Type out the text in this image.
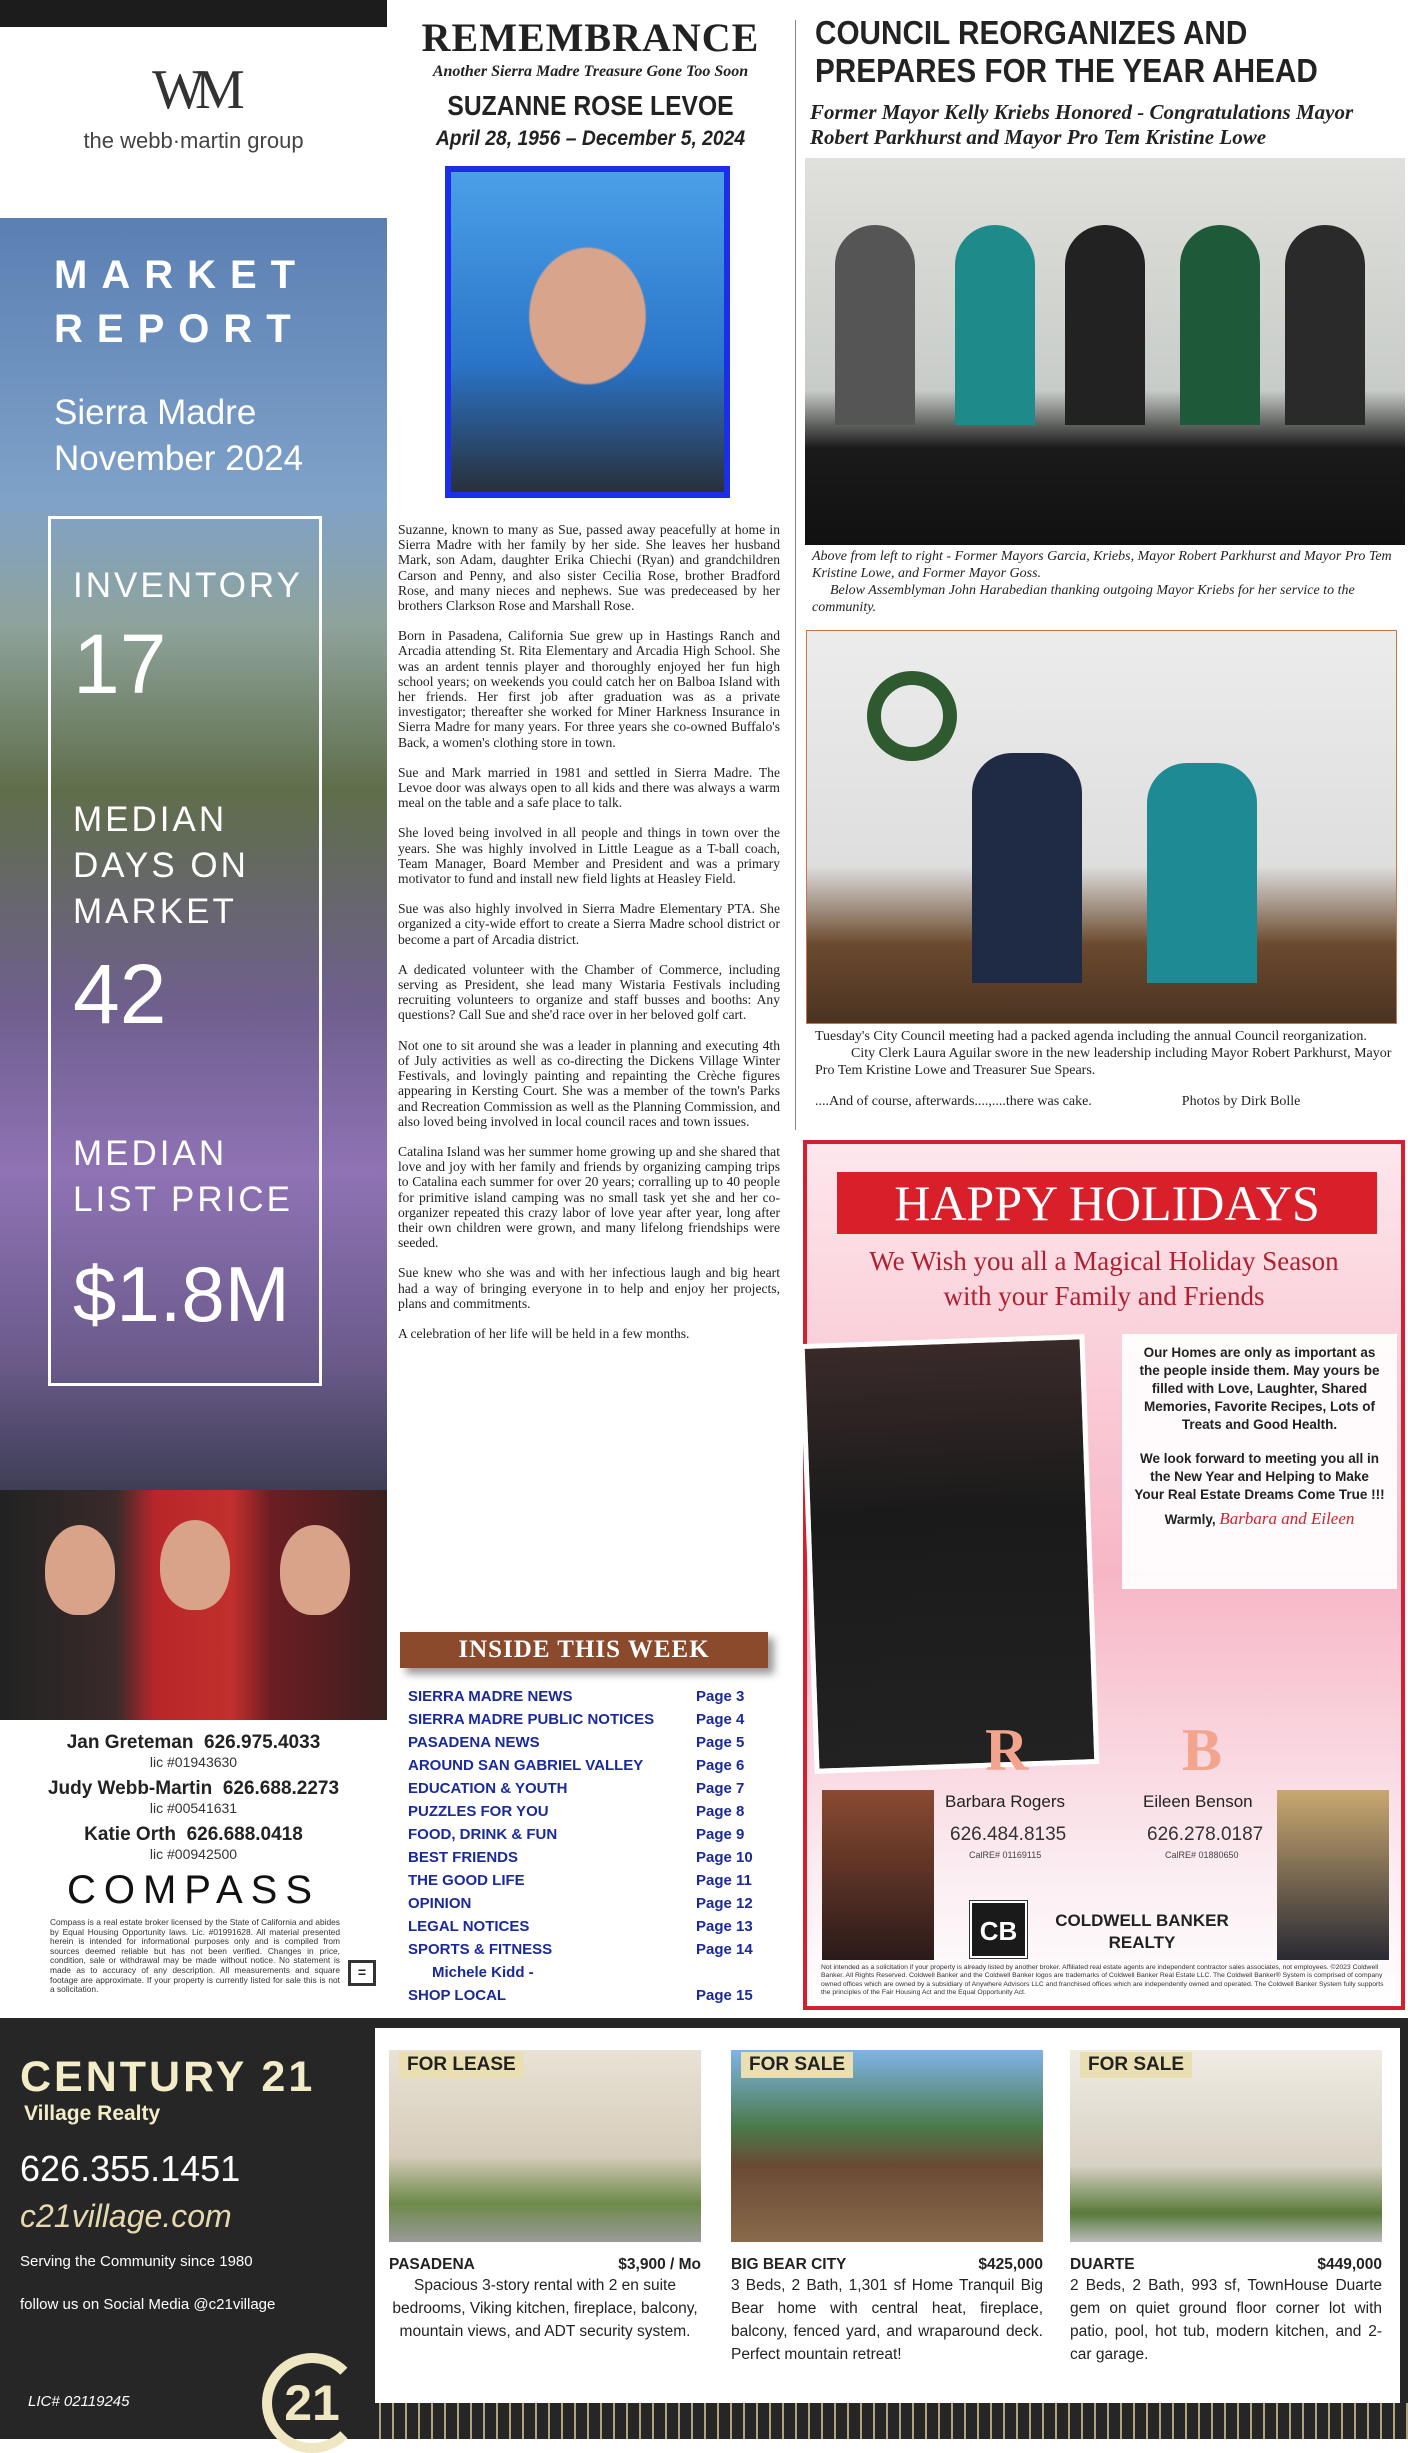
WM
the webb·martin group
MARKET
REPORT
Sierra Madre
November 2024
INVENTORY
17
MEDIAN
DAYS ON
MARKET
42
MEDIAN
LIST PRICE
$1.8M
Jan Greteman 626.975.4033
lic #01943630
Judy Webb-Martin 626.688.2273
lic #00541631
Katie Orth 626.688.0418
lic #00942500
COMPASS
Compass is a real estate broker licensed by the State of California and abides by Equal Housing Opportunity laws. Lic. #01991628. All material presented herein is intended for informational purposes only and is compiled from sources deemed reliable but has not been verified. Changes in price, condition, sale or withdrawal may be made without notice. No statement is made as to accuracy of any description. All measurements and square footage are approximate. If your property is currently listed for sale this is not a solicitation.
=
REMEMBRANCE
Another Sierra Madre Treasure Gone Too Soon
SUZANNE ROSE LEVOE
April 28, 1956 – December 5, 2024

Suzanne, known to many as Sue, passed away peacefully at home in Sierra Madre with her family by her side. She leaves her husband Mark, son Adam, daughter Erika Chiechi (Ryan) and grandchildren Carson and Penny, and also sister Cecilia Rose, brother Bradford Rose, and many nieces and nephews. Sue was predeceased by her brothers Clarkson Rose and Marshall Rose.

Born in Pasadena, California Sue grew up in Hastings Ranch and Arcadia attending St. Rita Elementary and Arcadia High School. She was an ardent tennis player and thoroughly enjoyed her fun high school years; on weekends you could catch her on Balboa Island with her friends. Her first job after graduation was as a private investigator; thereafter she worked for Miner Harkness Insurance in Sierra Madre for many years. For three years she co-owned Buffalo's Back, a women's clothing store in town.

Sue and Mark married in 1981 and settled in Sierra Madre. The Levoe door was always open to all kids and there was always a warm meal on the table and a safe place to talk.

She loved being involved in all people and things in town over the years. She was highly involved in Little League as a T-ball coach, Team Manager, Board Member and President and was a primary motivator to fund and install new field lights at Heasley Field.

Sue was also highly involved in Sierra Madre Elementary PTA. She organized a city-wide effort to create a Sierra Madre school district or become a part of Arcadia district.

A dedicated volunteer with the Chamber of Commerce, including serving as President, she lead many Wistaria Festivals including recruiting volunteers to organize and staff busses and booths: Any questions? Call Sue and she'd race over in her beloved golf cart.

Not one to sit around she was a leader in planning and executing 4th of July activities as well as co-directing the Dickens Village Winter Festivals, and lovingly painting and repainting the Crèche figures appearing in Kersting Court. She was a member of the town's Parks and Recreation Commission as well as the Planning Commission, and also loved being involved in local council races and town issues.

Catalina Island was her summer home growing up and she shared that love and joy with her family and friends by organizing camping trips to Catalina each summer for over 20 years; corralling up to 40 people for primitive island camping was no small task yet she and her co-organizer repeated this crazy labor of love year after year, long after their own children were grown, and many lifelong friendships were seeded.

Sue knew who she was and with her infectious laugh and big heart had a way of bringing everyone in to help and enjoy her projects, plans and commitments.

A celebration of her life will be held in a few months.

INSIDE THIS WEEK
SIERRA MADRE NEWS	Page 3
SIERRA MADRE PUBLIC NOTICES	Page 4
PASADENA NEWS	Page 5
AROUND SAN GABRIEL VALLEY	Page 6
EDUCATION & YOUTH	Page 7
PUZZLES FOR YOU	Page 8
FOOD, DRINK & FUN	Page 9
BEST FRIENDS	Page 10
THE GOOD LIFE	Page 11
OPINION	Page 12
LEGAL NOTICES	Page 13
SPORTS & FITNESS	Page 14
Michele Kidd -
SHOP LOCAL	Page 15
COUNCIL REORGANIZES AND PREPARES FOR THE YEAR AHEAD
Former Mayor Kelly Kriebs Honored - Congratulations Mayor Robert Parkhurst and Mayor Pro Tem Kristine Lowe
Above from left to right - Former Mayors Garcia, Kriebs, Mayor Robert Parkhurst and Mayor Pro Tem Kristine Lowe, and Former Mayor Goss.
Below Assemblyman John Harabedian thanking outgoing Mayor Kriebs for her service to the community.
Tuesday's City Council meeting had a packed agenda including the annual Council reorganization.
City Clerk Laura Aguilar swore in the new leadership including Mayor Robert Parkhurst, Mayor Pro Tem Kristine Lowe and Treasurer Sue Spears.
....And of course, afterwards....,....there was cake.	Photos by Dirk Bolle
HAPPY HOLIDAYS
We Wish you all a Magical Holiday Season
with your Family and Friends
Our Homes are only as important as the people inside them. May yours be filled with Love, Laughter, Shared Memories, Favorite Recipes, Lots of Treats and Good Health.
We look forward to meeting you all in the New Year and Helping to Make Your Real Estate Dreams Come True !!!
Warmly, Barbara and Eileen
R
Barbara Rogers
626.484.8135
CalRE# 01169115
B
Eileen Benson
626.278.0187
CalRE# 01880650
CB	COLDWELL BANKER
REALTY
Not intended as a solicitation if your property is already listed by another broker. Affiliated real estate agents are independent contractor sales associates, not employees. ©2023 Coldwell Banker. All Rights Reserved. Coldwell Banker and the Coldwell Banker logos are trademarks of Coldwell Banker Real Estate LLC. The Coldwell Banker® System is comprised of company owned offices which are owned by a subsidiary of Anywhere Advisors LLC and franchised offices which are independently owned and operated. The Coldwell Banker System fully supports the principles of the Fair Housing Act and the Equal Opportunity Act.
CENTURY 21
Village Realty
626.355.1451
c21village.com
Serving the Community since 1980
follow us on Social Media @c21village
LIC# 02119245	21
FOR LEASE
PASADENA	$3,900 / Mo
Spacious 3-story rental with 2 en suite bedrooms, Viking kitchen, fireplace, balcony, mountain views, and ADT security system.
FOR SALE
BIG BEAR CITY	$425,000
3 Beds, 2 Bath, 1,301 sf Home Tranquil Big Bear home with central heat, fireplace, balcony, fenced yard, and wraparound deck. Perfect mountain retreat!
FOR SALE
DUARTE	$449,000
2 Beds, 2 Bath, 993 sf, TownHouse Duarte gem on quiet ground floor corner lot with patio, pool, hot tub, modern kitchen, and 2-car garage.
